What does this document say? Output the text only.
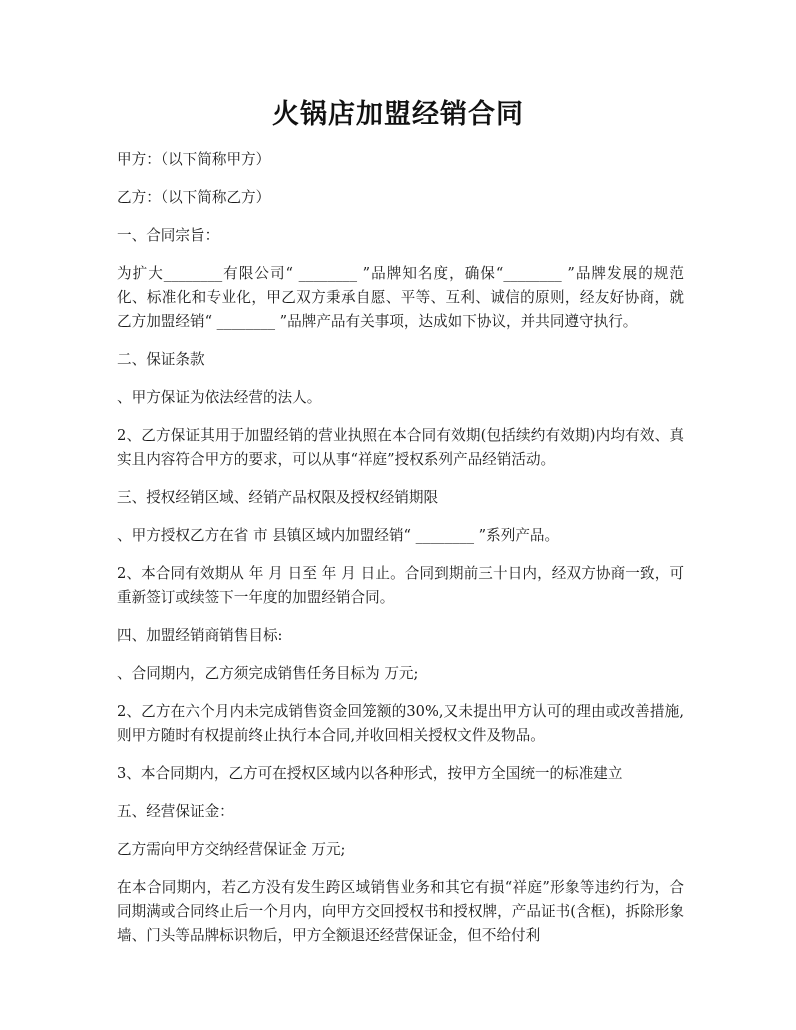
火锅店加盟经销合同

甲方：（以下简称甲方）

乙方：（以下简称乙方）

一、合同宗旨：

为扩大________有限公司“ ________ ”品牌知名度，确保“________ ”品牌发展的规范化、标准化和专业化，甲乙双方秉承自愿、平等、互利、诚信的原则，经友好协商，就乙方加盟经销“ ________ ”品牌产品有关事项，达成如下协议，并共同遵守执行。

二、保证条款

、甲方保证为依法经营的法人。

2、乙方保证其用于加盟经销的营业执照在本合同有效期(包括续约有效期)内均有效、真实且内容符合甲方的要求，可以从事“祥庭”授权系列产品经销活动。

三、授权经销区域、经销产品权限及授权经销期限

、甲方授权乙方在省 市 县镇区域内加盟经销“ ________ ”系列产品。

2、本合同有效期从 年 月 日至 年 月 日止。合同到期前三十日内，经双方协商一致，可重新签订或续签下一年度的加盟经销合同。

四、加盟经销商销售目标:

、合同期内，乙方须完成销售任务目标为 万元;

2、乙方在六个月内未完成销售资金回笼额的30%,又未提出甲方认可的理由或改善措施,则甲方随时有权提前终止执行本合同,并收回相关授权文件及物品。

3、本合同期内，乙方可在授权区域内以各种形式，按甲方全国统一的标准建立

五、经营保证金：

乙方需向甲方交纳经营保证金 万元;

在本合同期内，若乙方没有发生跨区域销售业务和其它有损“祥庭”形象等违约行为，合同期满或合同终止后一个月内，向甲方交回授权书和授权牌，产品证书(含框)，拆除形象墙、门头等品牌标识物后，甲方全额退还经营保证金，但不给付利
